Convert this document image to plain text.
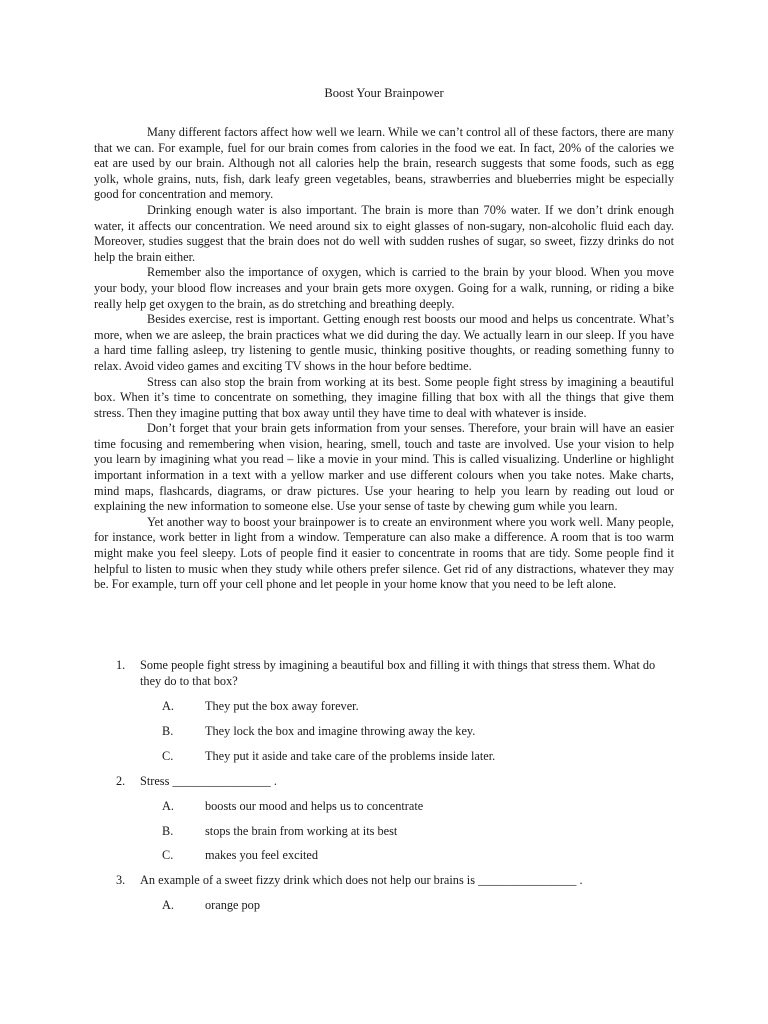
Boost Your Brainpower

Many different factors affect how well we learn. While we can’t control all of these factors, there are many that we can. For example, fuel for our brain comes from calories in the food we eat. In fact, 20% of the calories we eat are used by our brain. Although not all calories help the brain, research suggests that some foods, such as egg yolk, whole grains, nuts, fish, dark leafy green vegetables, beans, strawberries and blueberries might be especially good for concentration and memory.

Drinking enough water is also important. The brain is more than 70% water. If we don’t drink enough water, it affects our concentration. We need around six to eight glasses of non-sugary, non-alcoholic fluid each day. Moreover, studies suggest that the brain does not do well with sudden rushes of sugar, so sweet, fizzy drinks do not help the brain either.

Remember also the importance of oxygen, which is carried to the brain by your blood. When you move your body, your blood flow increases and your brain gets more oxygen. Going for a walk, running, or riding a bike really help get oxygen to the brain, as do stretching and breathing deeply.

Besides exercise, rest is important. Getting enough rest boosts our mood and helps us concentrate. What’s more, when we are asleep, the brain practices what we did during the day. We actually learn in our sleep. If you have a hard time falling asleep, try listening to gentle music, thinking positive thoughts, or reading something funny to relax. Avoid video games and exciting TV shows in the hour before bedtime.

Stress can also stop the brain from working at its best. Some people fight stress by imagining a beautiful box. When it’s time to concentrate on something, they imagine filling that box with all the things that give them stress. Then they imagine putting that box away until they have time to deal with whatever is inside.

Don’t forget that your brain gets information from your senses. Therefore, your brain will have an easier time focusing and remembering when vision, hearing, smell, touch and taste are involved. Use your vision to help you learn by imagining what you read – like a movie in your mind. This is called visualizing. Underline or highlight important information in a text with a yellow marker and use different colours when you take notes. Make charts, mind maps, flashcards, diagrams, or draw pictures. Use your hearing to help you learn by reading out loud or explaining the new information to someone else. Use your sense of taste by chewing gum while you learn.

Yet another way to boost your brainpower is to create an environment where you work well. Many people, for instance, work better in light from a window. Temperature can also make a difference. A room that is too warm might make you feel sleepy. Lots of people find it easier to concentrate in rooms that are tidy. Some people find it helpful to listen to music when they study while others prefer silence. Get rid of any distractions, whatever they may be. For example, turn off your cell phone and let people in your home know that you need to be left alone.

1. Some people fight stress by imagining a beautiful box and filling it with things that stress them. What do they do to that box?
A.	They put the box away forever.
B.	They lock the box and imagine throwing away the key.
C.	They put it aside and take care of the problems inside later.
2. Stress ________________ .
A.	boosts our mood and helps us to concentrate
B.	stops the brain from working at its best
C.	makes you feel excited
3. An example of a sweet fizzy drink which does not help our brains is ________________ .
A.	orange pop
